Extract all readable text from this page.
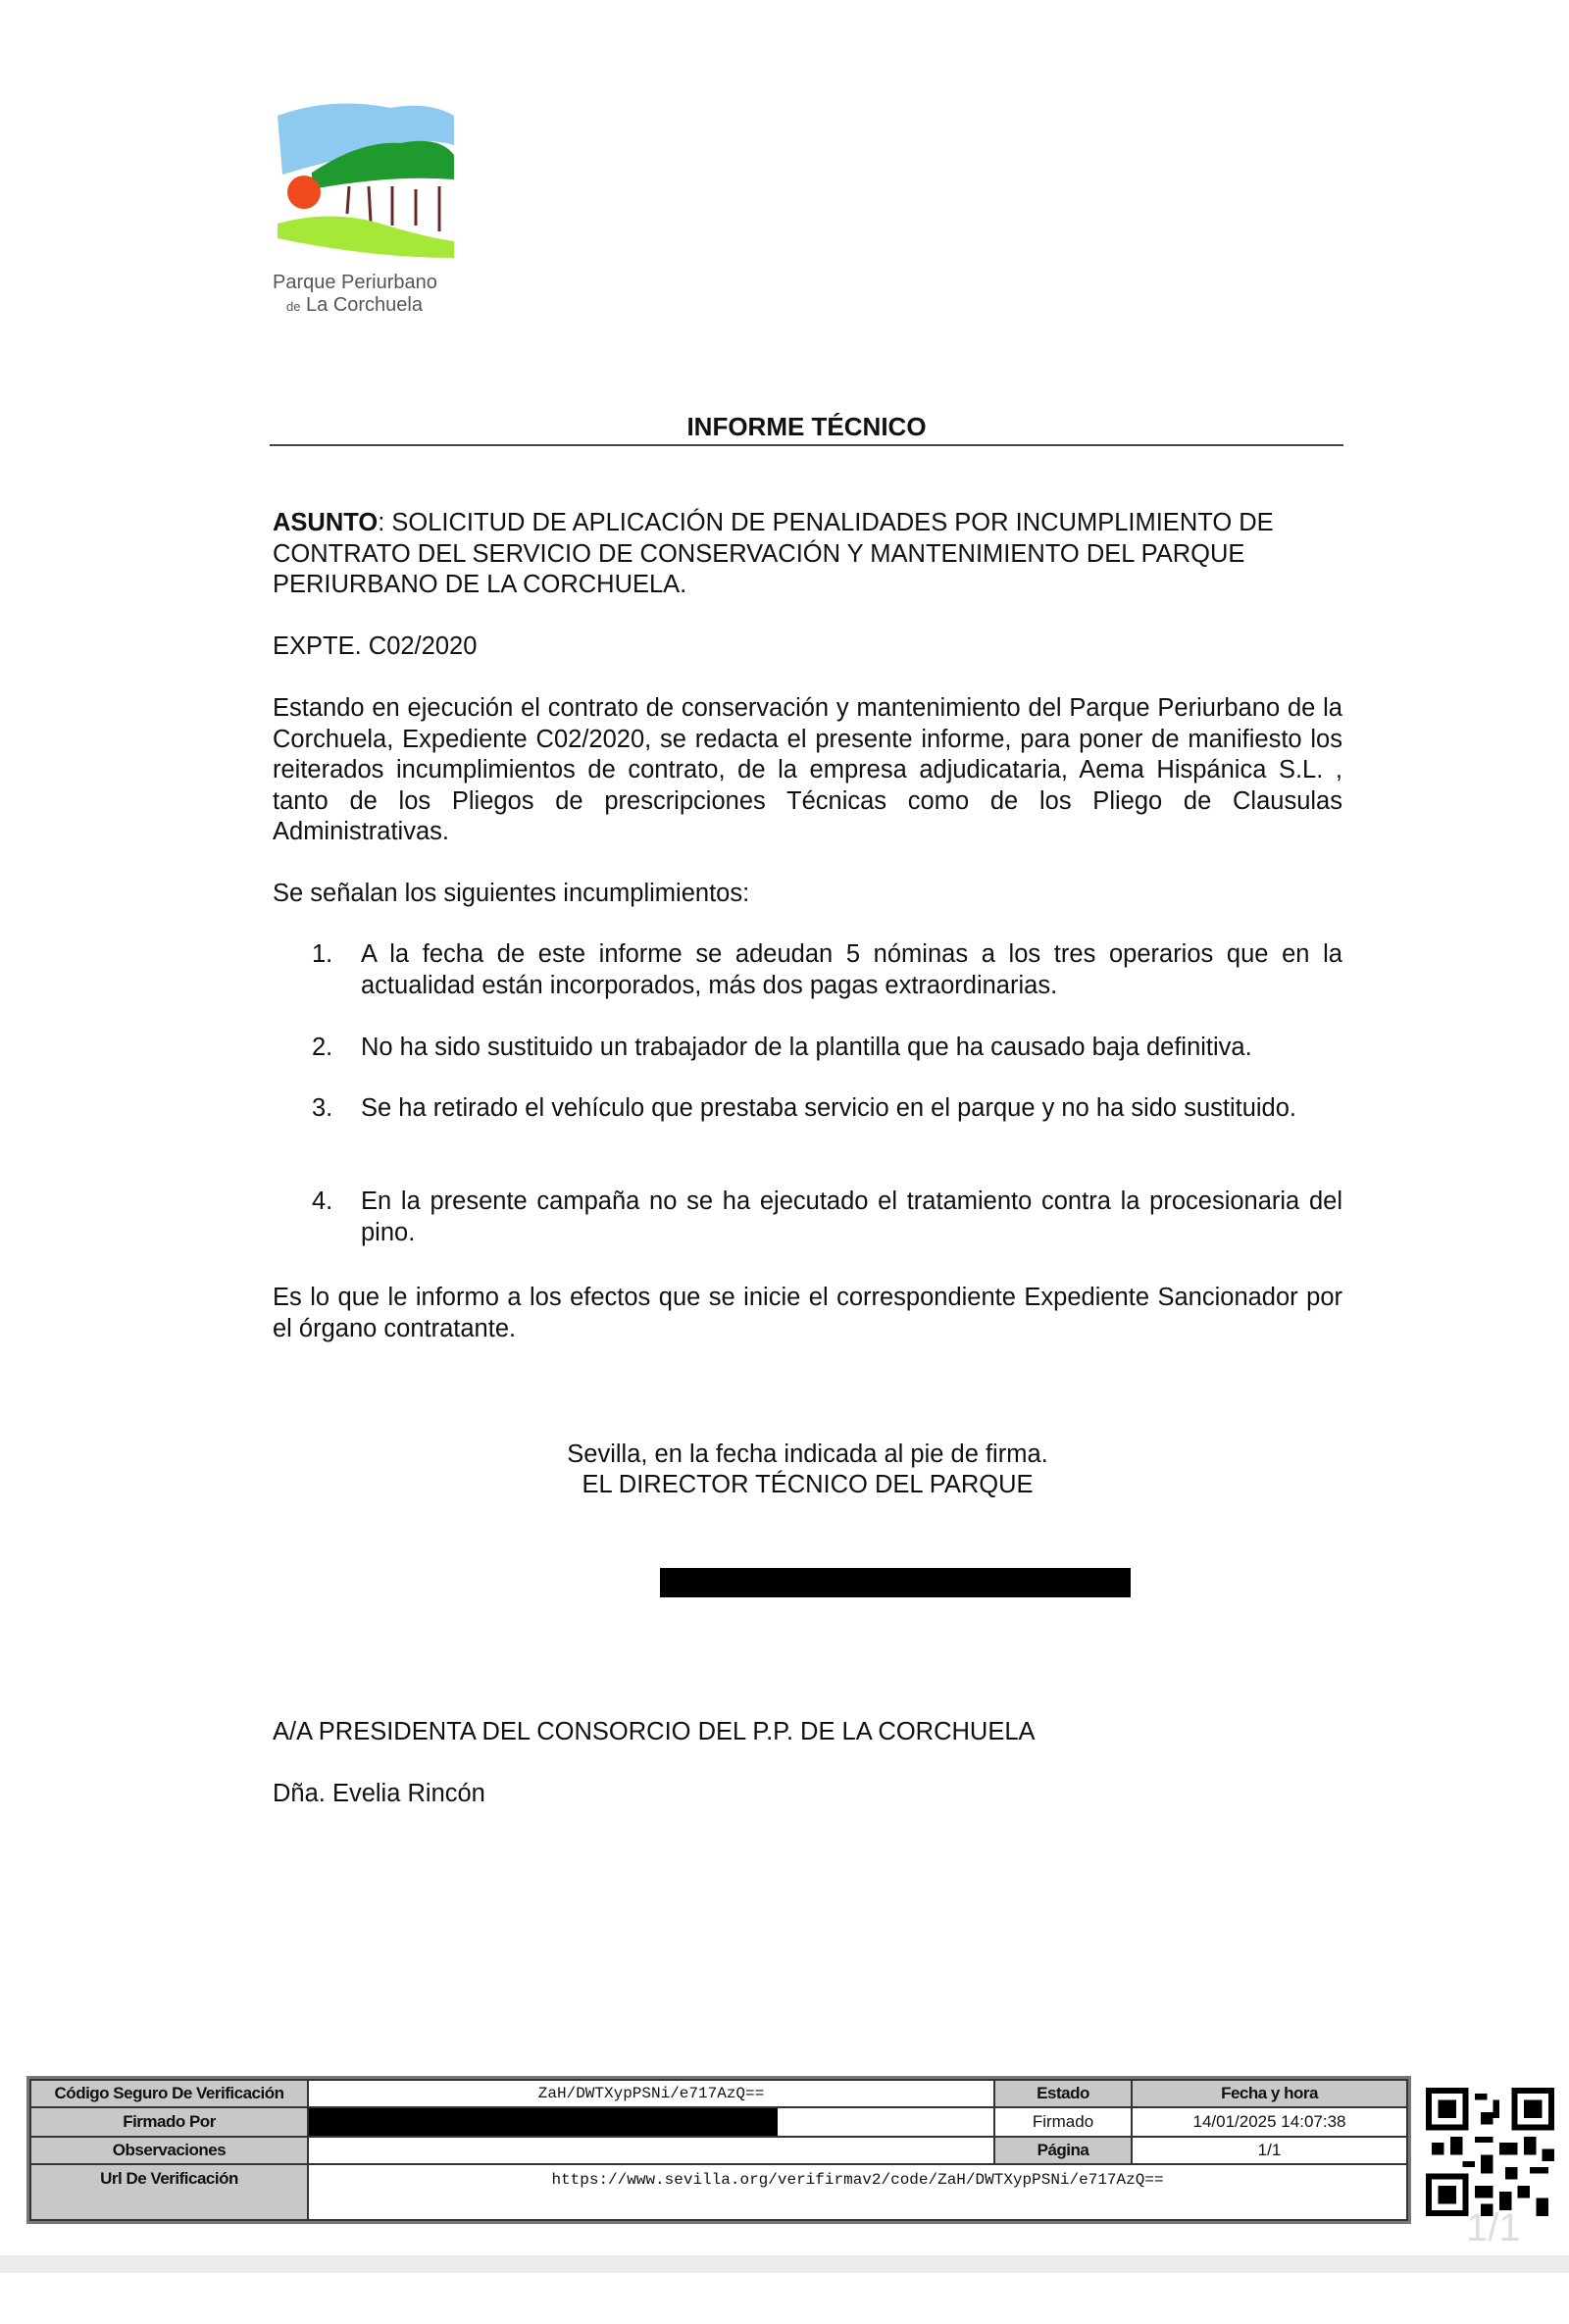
Parque Periurbano
de La Corchuela
INFORME TÉCNICO
ASUNTO: SOLICITUD DE APLICACIÓN DE PENALIDADES POR INCUMPLIMIENTO DE CONTRATO DEL SERVICIO DE CONSERVACIÓN Y MANTENIMIENTO DEL PARQUE PERIURBANO DE LA CORCHUELA.
EXPTE. C02/2020
Estando en ejecución el contrato de conservación y mantenimiento del Parque Periurbano de la Corchuela, Expediente C02/2020, se redacta el presente informe, para poner de manifiesto los reiterados incumplimientos de contrato, de la empresa adjudicataria, Aema Hispánica S.L. , tanto de los Pliegos de prescripciones Técnicas como de los Pliego de Clausulas Administrativas.
Se señalan los siguientes incumplimientos:
1.	A la fecha de este informe se adeudan 5 nóminas a los tres operarios que en la actualidad están incorporados, más dos pagas extraordinarias.
2.	No ha sido sustituido un trabajador de la plantilla que ha causado baja definitiva.
3.	Se ha retirado el vehículo que prestaba servicio en el parque y no ha sido sustituido.
4.	En la presente campaña no se ha ejecutado el tratamiento contra la procesionaria del pino.
Es lo que le informo a los efectos que se inicie el correspondiente Expediente Sancionador por el órgano contratante.
Sevilla, en la fecha indicada al pie de firma.
EL DIRECTOR TÉCNICO DEL PARQUE
A/A PRESIDENTA DEL CONSORCIO DEL P.P. DE LA CORCHUELA
Dña. Evelia Rincón
Código Seguro De Verificación	ZaH/DWTXypPSNi/e717AzQ==	Estado	Fecha y hora
Firmado Por		Firmado	14/01/2025 14:07:38
Observaciones		Página	1/1
Url De Verificación	https://www.sevilla.org/verifirmav2/code/ZaH/DWTXypPSNi/e717AzQ==		
1/1
